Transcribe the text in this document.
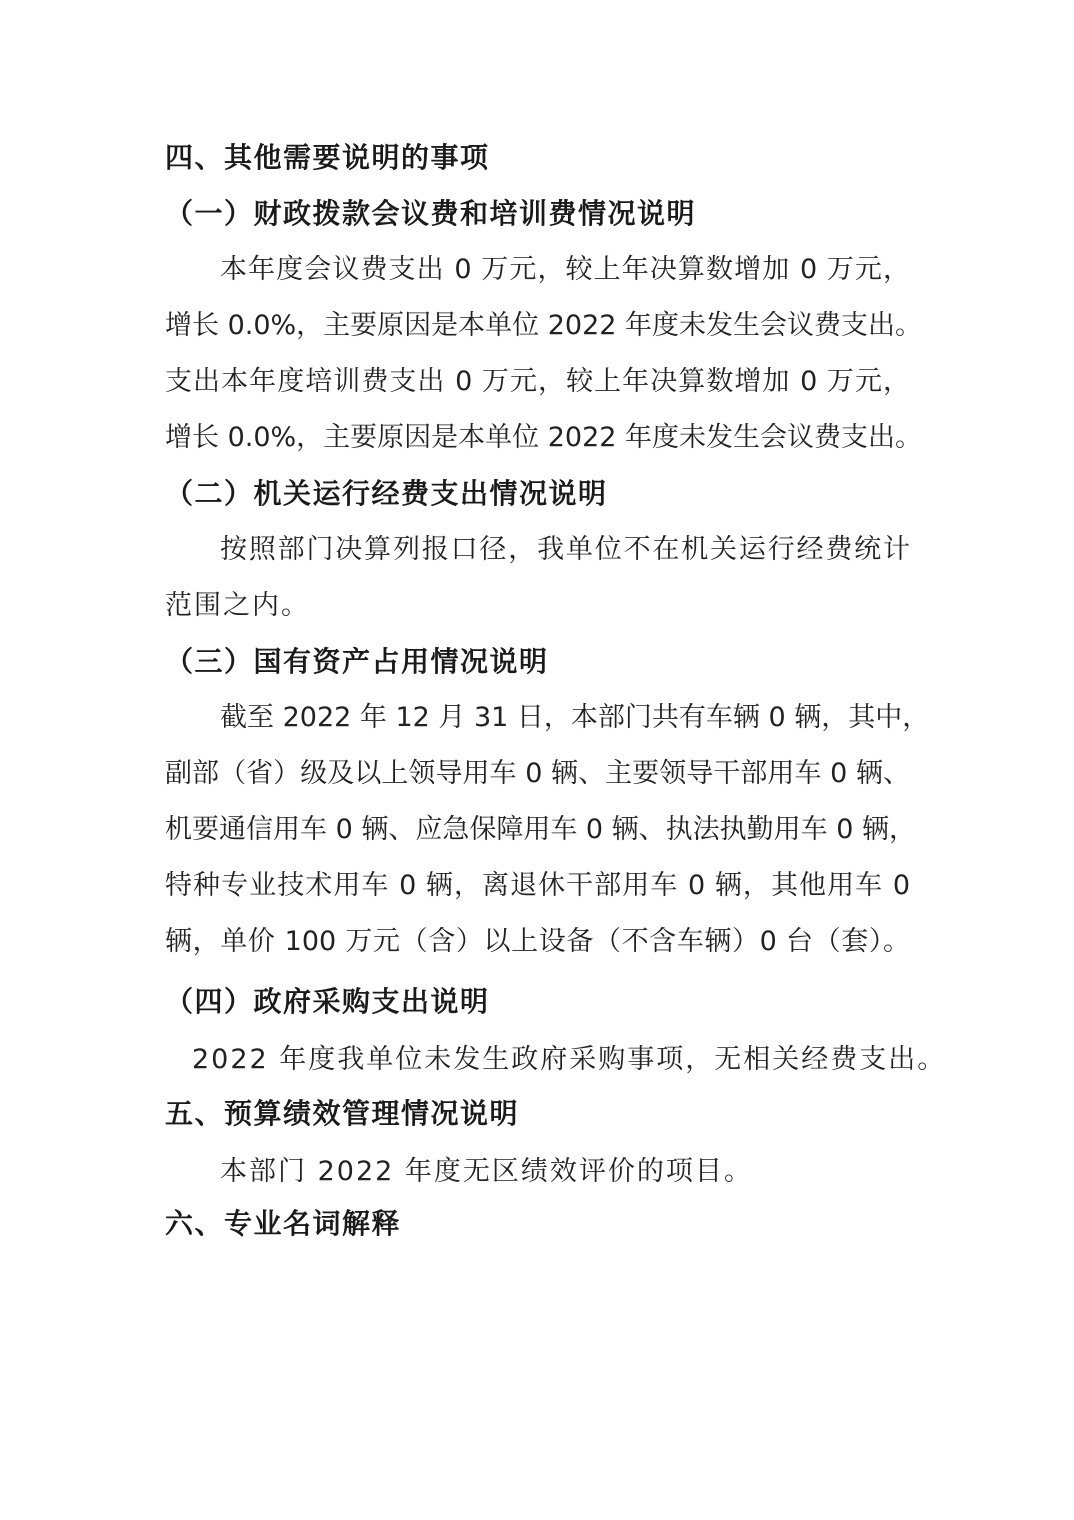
四、其他需要说明的事项
（一）财政拨款会议费和培训费情况说明
本年度会议费支出 0 万元，较上年决算数增加 0 万元，
增长 0.0%，主要原因是本单位 2022 年度未发生会议费支出。
支出本年度培训费支出 0 万元，较上年决算数增加 0 万元，
增长 0.0%，主要原因是本单位 2022 年度未发生会议费支出。
（二）机关运行经费支出情况说明
按照部门决算列报口径，我单位不在机关运行经费统计
范围之内。
（三）国有资产占用情况说明
截至 2022 年 12 月 31 日，本部门共有车辆 0 辆，其中，
副部（省）级及以上领导用车 0 辆、主要领导干部用车 0 辆、
机要通信用车 0 辆、应急保障用车 0 辆、执法执勤用车 0 辆，
特种专业技术用车 0 辆，离退休干部用车 0 辆，其他用车 0
辆，单价 100 万元（含）以上设备（不含车辆）0 台（套）。
（四）政府采购支出说明
2022 年度我单位未发生政府采购事项，无相关经费支出。
五、预算绩效管理情况说明
本部门 2022 年度无区绩效评价的项目。
六、专业名词解释
